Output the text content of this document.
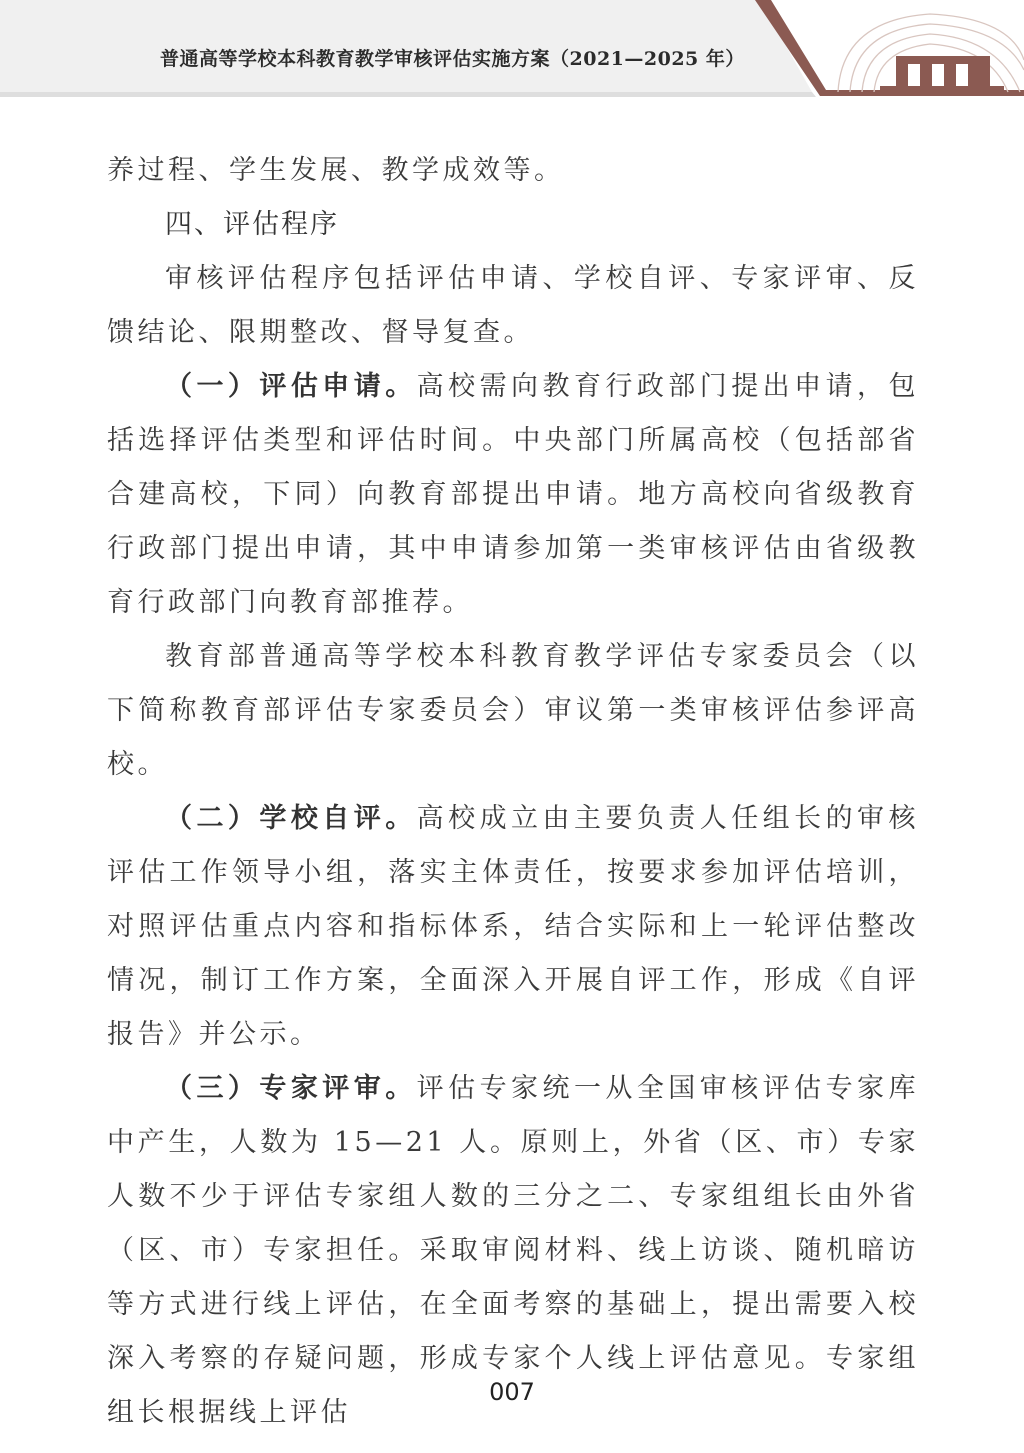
普通高等学校本科教育教学审核评估实施方案（2021—2025 年）

养过程、学生发展、教学成效等。

四、评估程序

审核评估程序包括评估申请、学校自评、专家评审、反馈结论、限期整改、督导复查。

（一）评估申请。高校需向教育行政部门提出申请，包括选择评估类型和评估时间。中央部门所属高校（包括部省合建高校，下同）向教育部提出申请。地方高校向省级教育行政部门提出申请，其中申请参加第一类审核评估由省级教育行政部门向教育部推荐。

教育部普通高等学校本科教育教学评估专家委员会（以下简称教育部评估专家委员会）审议第一类审核评估参评高校。

（二）学校自评。高校成立由主要负责人任组长的审核评估工作领导小组，落实主体责任，按要求参加评估培训，对照评估重点内容和指标体系，结合实际和上一轮评估整改情况，制订工作方案，全面深入开展自评工作，形成《自评报告》并公示。

（三）专家评审。评估专家统一从全国审核评估专家库中产生，人数为 15—21 人。原则上，外省（区、市）专家人数不少于评估专家组人数的三分之二、专家组组长由外省（区、市）专家担任。采取审阅材料、线上访谈、随机暗访等方式进行线上评估，在全面考察的基础上，提出需要入校深入考察的存疑问题，形成专家个人线上评估意见。专家组组长根据线上评估

007
